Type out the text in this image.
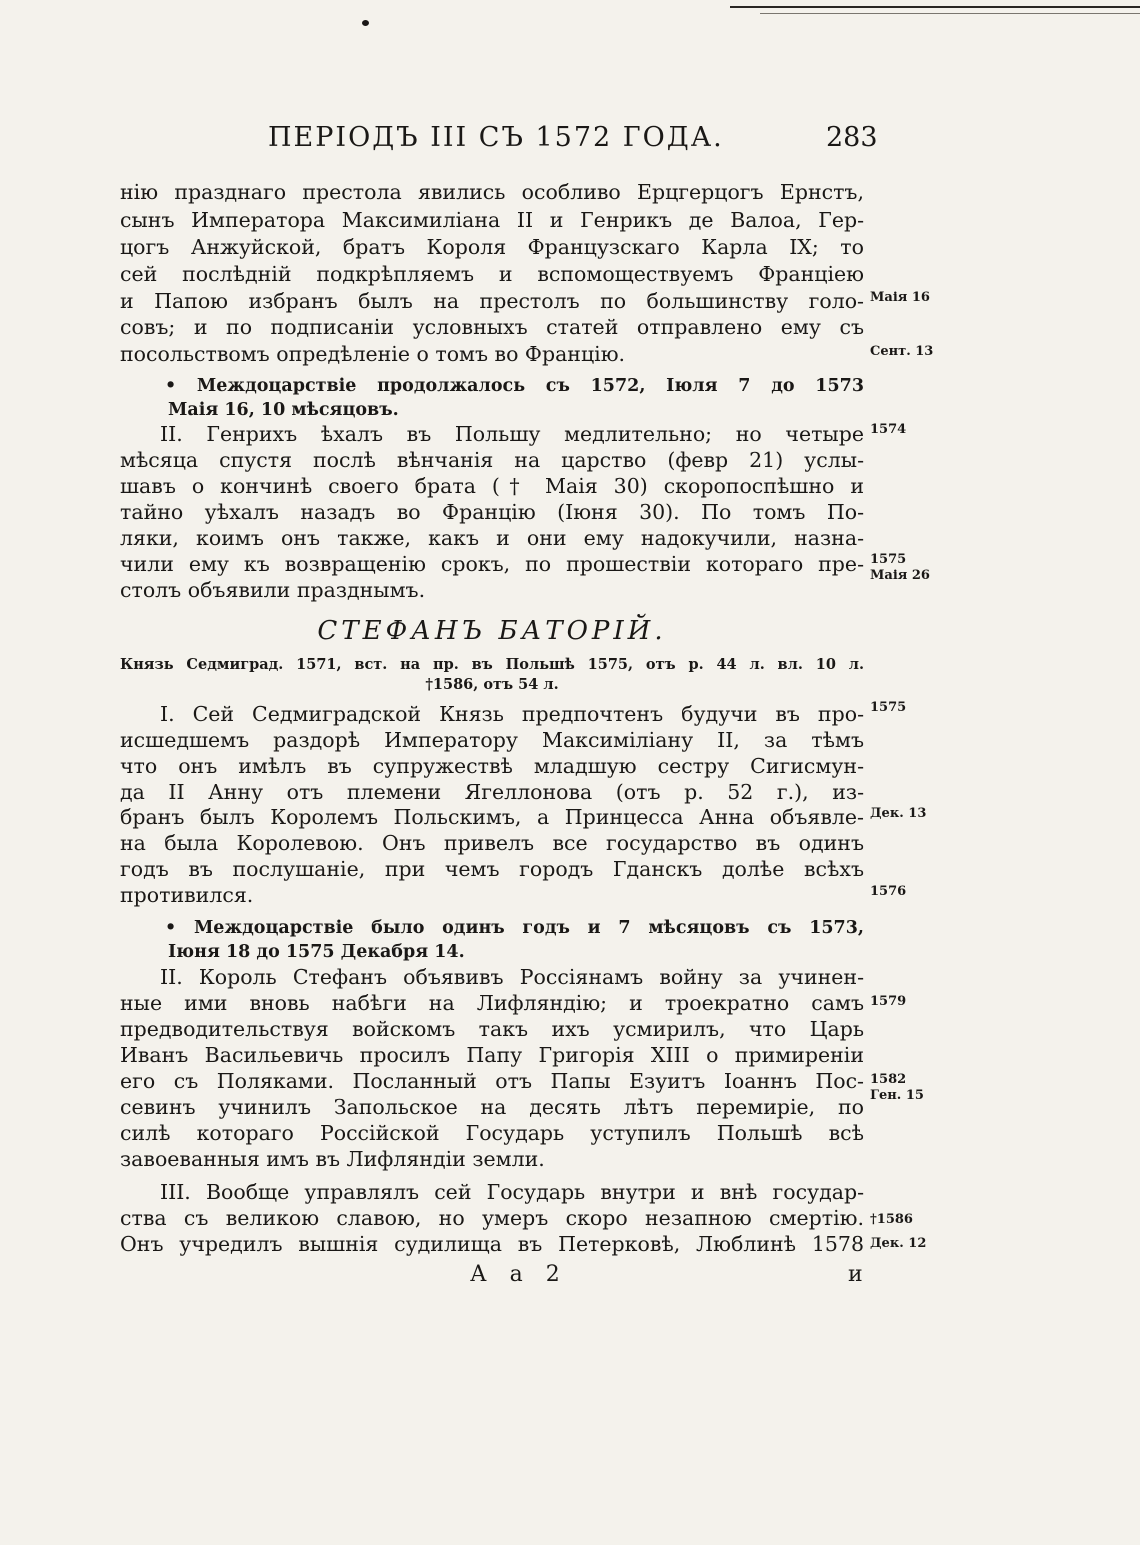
ПЕРIОДЪ III СЪ 1572 ГОДА.	283
нію празднаго престола явились особливо Ерцгерцогъ Ернстъ,
сынъ Императора Максимиліана II и Генрикъ де Валоа, Гер-
цогъ Анжуйской, братъ Короля Французскаго Карла IX; то
сей послѣдній подкрѣпляемъ и вспомоществуемъ Франціею
и Папою избранъ былъ на престолъ по большинству голо-
совъ; и по подписаніи условныхъ статей отправлено ему съ
посольствомъ опредѣленіе о томъ во Францію.
• Междоцарствіе продолжалось съ 1572, Іюля 7 до 1573
Маія 16, 10 мѣсяцовъ.
II. Генрихъ ѣхалъ въ Польшу медлительно; но четыре
мѣсяца спустя послѣ вѣнчанія на царство (февр 21) услы-
шавъ о кончинѣ своего брата († Маія 30) скоропоспѣшно и
тайно уѣхалъ назадъ во Францію (Іюня 30). По томъ По-
ляки, коимъ онъ также, какъ и они ему надокучили, назна-
чили ему къ возвращенію срокъ, по прошествіи котораго пре-
столъ объявили празднымъ.
СТЕФАНЪ БАТОРІЙ.
Князь Седмиград. 1571, вст. на пр. въ Польшѣ 1575, отъ р. 44 л. вл. 10 л.
†1586, отъ 54 л.
I. Сей Седмиградской Князь предпочтенъ будучи въ про-
исшедшемъ раздорѣ Императору Максиміліану II, за тѣмъ
что онъ имѣлъ въ супружествѣ младшую сестру Сигисмун-
да II Анну отъ племени Ягеллонова (отъ р. 52 г.), из-
бранъ былъ Королемъ Польскимъ, а Принцесса Анна объявле-
на была Королевою. Онъ привелъ все государство въ одинъ
годъ въ послушаніе, при чемъ городъ Гданскъ долѣе всѣхъ
противился.
• Междоцарствіе было одинъ годъ и 7 мѣсяцовъ съ 1573,
Іюня 18 до 1575 Декабря 14.
II. Король Стефанъ объявивъ Россіянамъ войну за учинен-
ные ими вновь набѣги на Лифляндію; и троекратно самъ
предводительствуя войскомъ такъ ихъ усмирилъ, что Царь
Иванъ Васильевичь просилъ Папу Григорія XIII о примиреніи
его съ Поляками. Посланный отъ Папы Езуитъ Іоаннъ Пос-
севинъ учинилъ Запольское на десять лѣтъ перемиріе, по
силѣ котораго Россійской Государь уступилъ Польшѣ всѣ
завоеванныя имъ въ Лифляндіи земли.
III. Вообще управлялъ сей Государь внутри и внѣ государ-
ства съ великою славою, но умеръ скоро незапною смертію.
Онъ учредилъ вышнія судилища въ Петерковѣ, Люблинѣ 1578
Маія 16
Сент. 13
1574
1575
Маія 26
1575
Дек. 13
1576
1579
1582
Ген. 15
†1586
Дек. 12
А а 2	и
